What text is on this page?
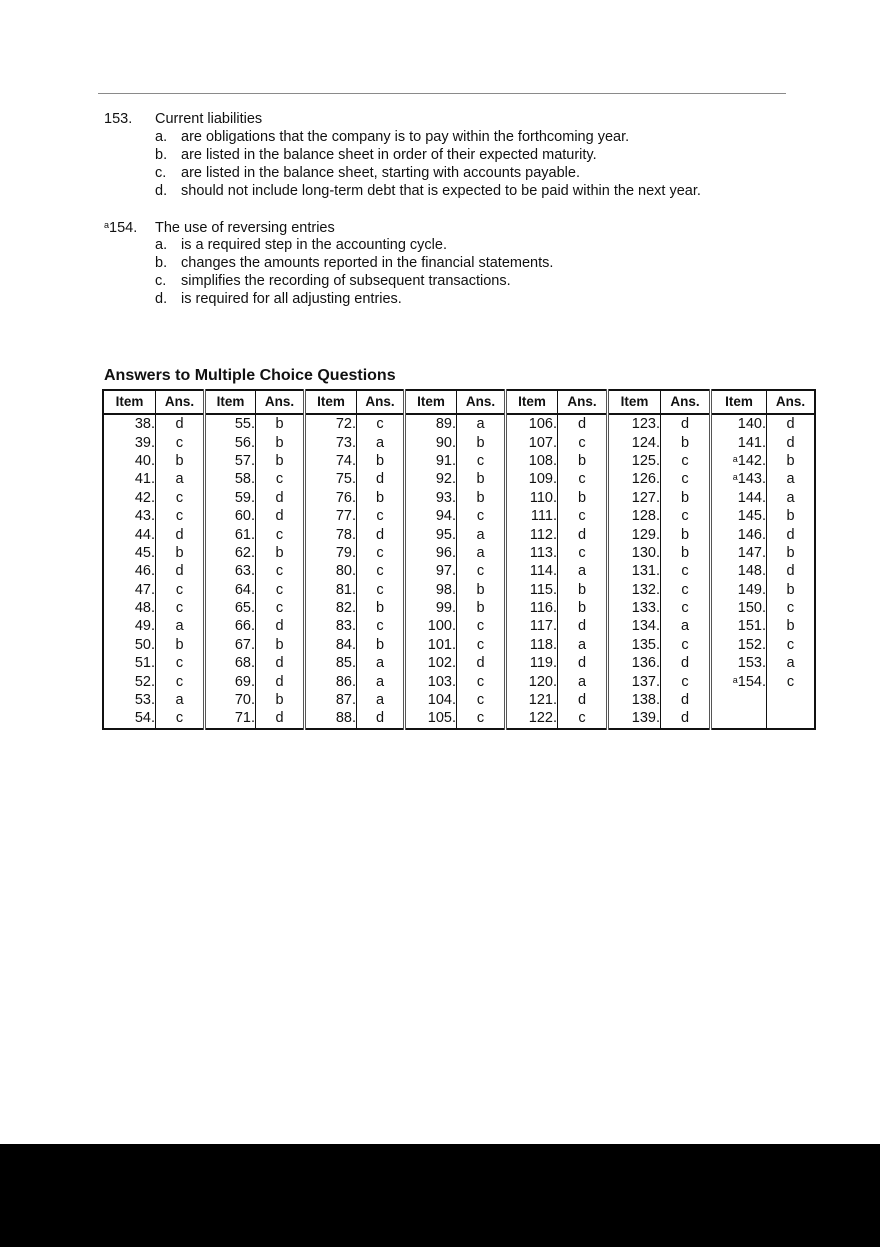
153.	Current liabilities
a. are obligations that the company is to pay within the forthcoming year.
b. are listed in the balance sheet in order of their expected maturity.
c. are listed in the balance sheet, starting with accounts payable.
d. should not include long-term debt that is expected to be paid within the next year.
$^a$154.	The use of reversing entries
a. is a required step in the accounting cycle.
b. changes the amounts reported in the financial statements.
c. simplifies the recording of subsequent transactions.
d. is required for all adjusting entries.
Answers to Multiple Choice Questions
Item	Ans.	Item	Ans.	Item	Ans.	Item	Ans.	Item	Ans.	Item	Ans.	Item	Ans.
38.	d	55.	b	72.	c	89.	a	106.	d	123.	d	140.	d
39.	c	56.	b	73.	a	90.	b	107.	c	124.	b	141.	d
40.	b	57.	b	74.	b	91.	c	108.	b	125.	c	$^a$142.	b
41.	a	58.	c	75.	d	92.	b	109.	c	126.	c	$^a$143.	a
42.	c	59.	d	76.	b	93.	b	110.	b	127.	b	144.	a
43.	c	60.	d	77.	c	94.	c	111.	c	128.	c	145.	b
44.	d	61.	c	78.	d	95.	a	112.	d	129.	b	146.	d
45.	b	62.	b	79.	c	96.	a	113.	c	130.	b	147.	b
46.	d	63.	c	80.	c	97.	c	114.	a	131.	c	148.	d
47.	c	64.	c	81.	c	98.	b	115.	b	132.	c	149.	b
48.	c	65.	c	82.	b	99.	b	116.	b	133.	c	150.	c
49.	a	66.	d	83.	c	100.	c	117.	d	134.	a	151.	b
50.	b	67.	b	84.	b	101.	c	118.	a	135.	c	152.	c
51.	c	68.	d	85.	a	102.	d	119.	d	136.	d	153.	a
52.	c	69.	d	86.	a	103.	c	120.	a	137.	c	$^a$154.	c
53.	a	70.	b	87.	a	104.	c	121.	d	138.	d		
54.	c	71.	d	88.	d	105.	c	122.	c	139.	d		
